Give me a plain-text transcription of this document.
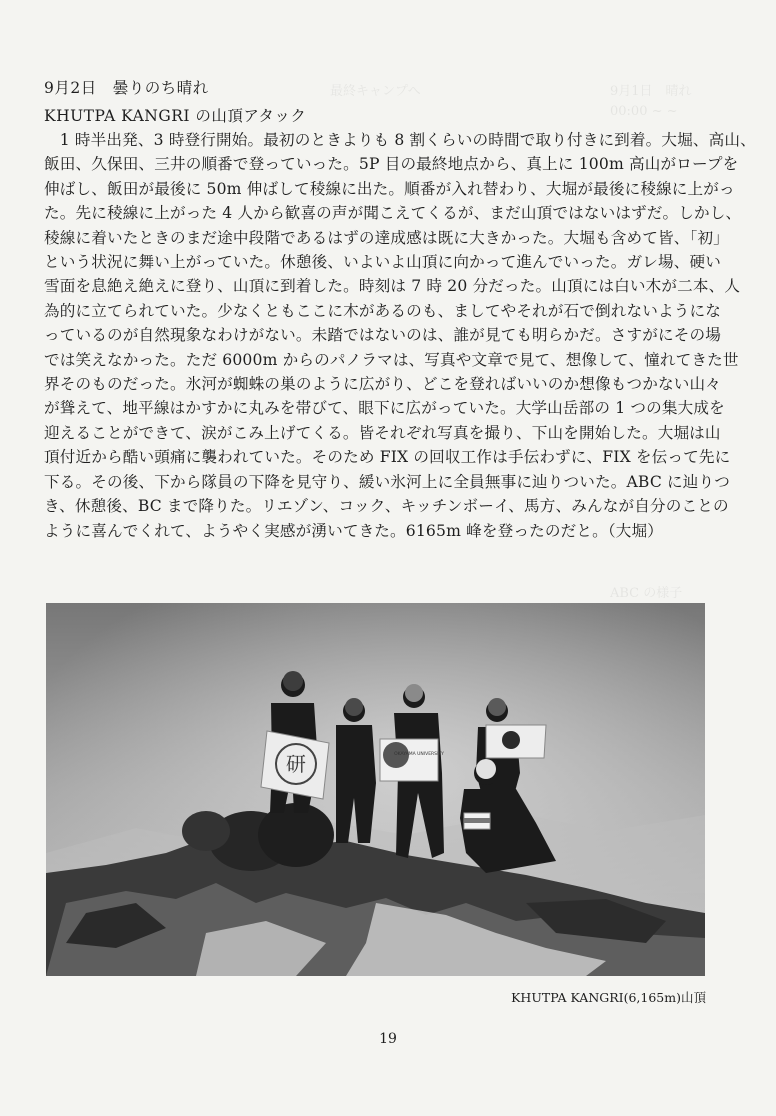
9月1日　晴れ
最終キャンプへ
00:00 ~ ~
ABC の様子
9月2日　曇りのち晴れ
KHUTPA KANGRI の山頂アタック
　1 時半出発、3 時登行開始。最初のときよりも 8 割くらいの時間で取り付きに到着。大堀、高山、
飯田、久保田、三井の順番で登っていった。5P 目の最終地点から、真上に 100m 高山がロープを
伸ばし、飯田が最後に 50m 伸ばして稜線に出た。順番が入れ替わり、大堀が最後に稜線に上がっ
た。先に稜線に上がった 4 人から歓喜の声が聞こえてくるが、まだ山頂ではないはずだ。しかし、
稜線に着いたときのまだ途中段階であるはずの達成感は既に大きかった。大堀も含めて皆、「初」
という状況に舞い上がっていた。休憩後、いよいよ山頂に向かって進んでいった。ガレ場、硬い
雪面を息絶え絶えに登り、山頂に到着した。時刻は 7 時 20 分だった。山頂には白い木が二本、人
為的に立てられていた。少なくともここに木があるのも、ましてやそれが石で倒れないようにな
っているのが自然現象なわけがない。未踏ではないのは、誰が見ても明らかだ。さすがにその場
では笑えなかった。ただ 6000m からのパノラマは、写真や文章で見て、想像して、憧れてきた世
界そのものだった。氷河が蜘蛛の巣のように広がり、どこを登ればいいのか想像もつかない山々
が聳えて、地平線はかすかに丸みを帯びて、眼下に広がっていた。大学山岳部の 1 つの集大成を
迎えることができて、涙がこみ上げてくる。皆それぞれ写真を撮り、下山を開始した。大堀は山
頂付近から酷い頭痛に襲われていた。そのため FIX の回収工作は手伝わずに、FIX を伝って先に
下る。その後、下から隊員の下降を見守り、緩い氷河上に全員無事に辿りついた。ABC に辿りつ
き、休憩後、BC まで降りた。リエゾン、コック、キッチンボーイ、馬方、みんなが自分のことの
ように喜んでくれて、ようやく実感が湧いてきた。6165m 峰を登ったのだと。（大堀）
研	OKAYAMA UNIVERSITY
KHUTPA KANGRI(6,165m)山頂
19
